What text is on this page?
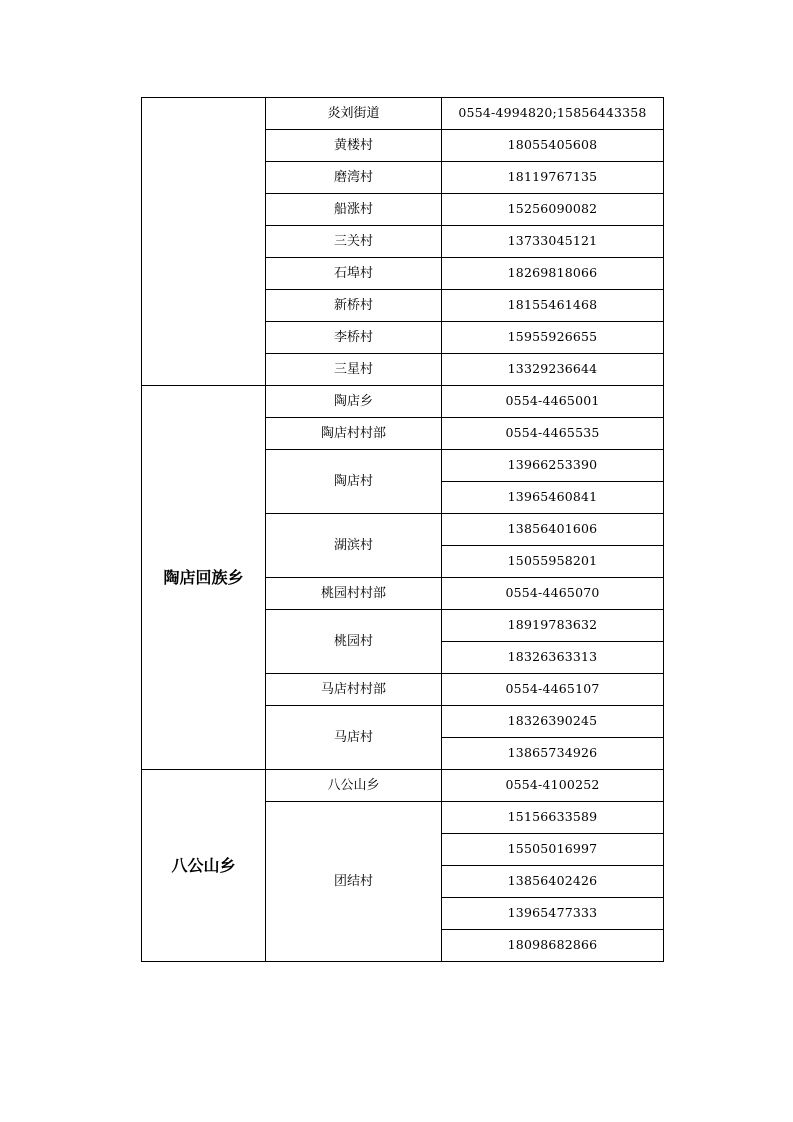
	炎刘街道	0554-4994820;15856443358
	黄楼村	18055405608
	磨湾村	18119767135
	船涨村	15256090082
	三关村	13733045121
	石埠村	18269818066
	新桥村	18155461468
	李桥村	15955926655
	三星村	13329236644
陶店回族乡	陶店乡	0554-4465001
	陶店村村部	0554-4465535
	陶店村	13966253390
		13965460841
	湖滨村	13856401606
		15055958201
	桃园村村部	0554-4465070
	桃园村	18919783632
		18326363313
	马店村村部	0554-4465107
	马店村	18326390245
		13865734926
八公山乡	八公山乡	0554-4100252
	团结村	15156633589
		15505016997
		13856402426
		13965477333
		18098682866
